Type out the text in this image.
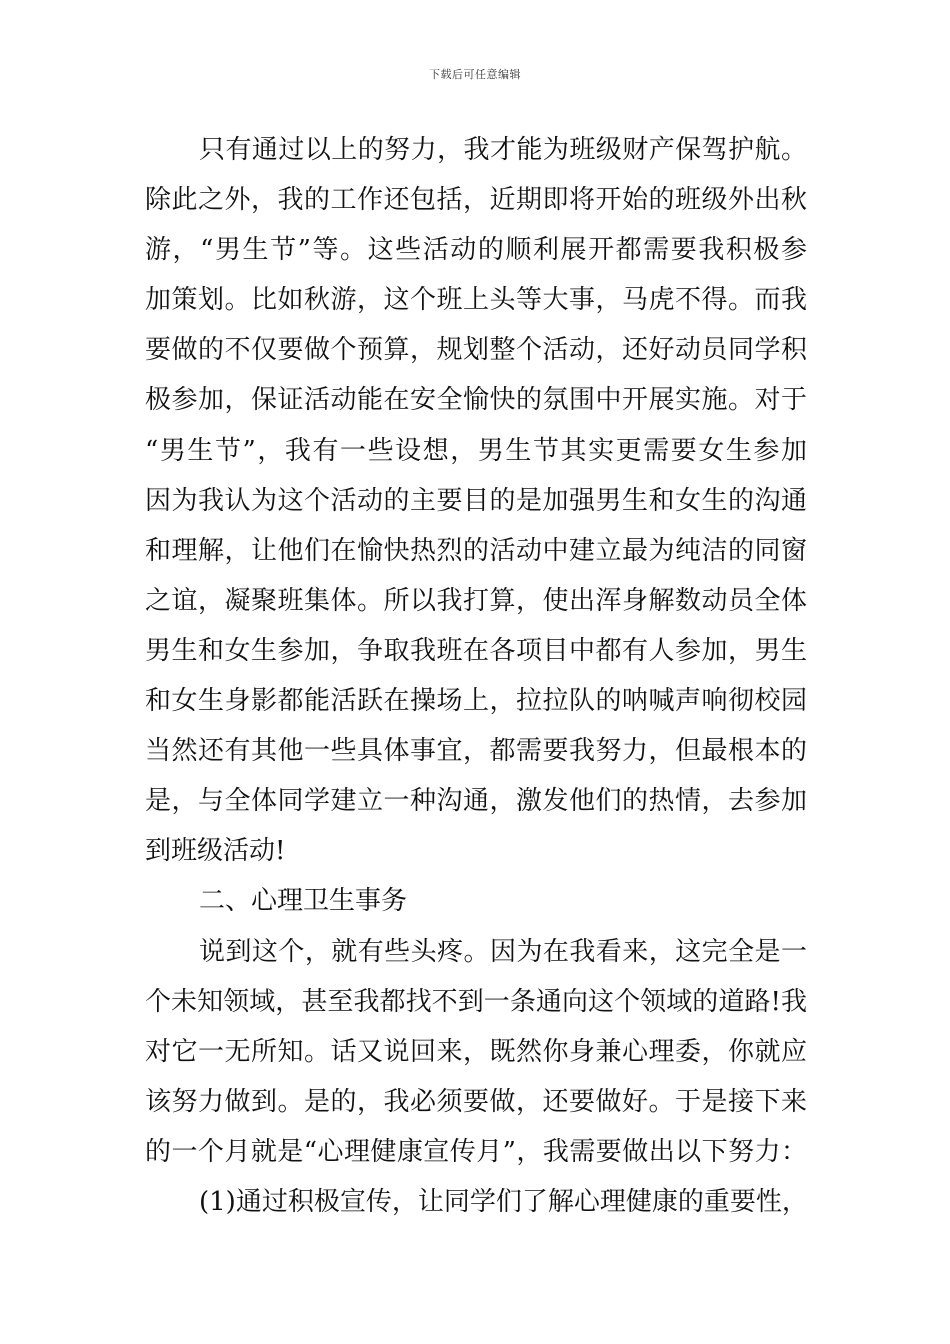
下载后可任意编辑
只有通过以上的努力，我才能为班级财产保驾护航。
除此之外，我的工作还包括，近期即将开始的班级外出秋
游，“男生节”等。这些活动的顺利展开都需要我积极参
加策划。比如秋游，这个班上头等大事，马虎不得。而我
要做的不仅要做个预算，规划整个活动，还好动员同学积
极参加，保证活动能在安全愉快的氛围中开展实施。对于
“男生节”，我有一些设想，男生节其实更需要女生参加
因为我认为这个活动的主要目的是加强男生和女生的沟通
和理解，让他们在愉快热烈的活动中建立最为纯洁的同窗
之谊，凝聚班集体。所以我打算，使出浑身解数动员全体
男生和女生参加，争取我班在各项目中都有人参加，男生
和女生身影都能活跃在操场上，拉拉队的呐喊声响彻校园
当然还有其他一些具体事宜，都需要我努力，但最根本的
是，与全体同学建立一种沟通，激发他们的热情，去参加
到班级活动!
二、心理卫生事务
说到这个，就有些头疼。因为在我看来，这完全是一
个未知领域，甚至我都找不到一条通向这个领域的道路!我
对它一无所知。话又说回来，既然你身兼心理委，你就应
该努力做到。是的，我必须要做，还要做好。于是接下来
的一个月就是“心理健康宣传月”，我需要做出以下努力：
(1)通过积极宣传，让同学们了解心理健康的重要性，
